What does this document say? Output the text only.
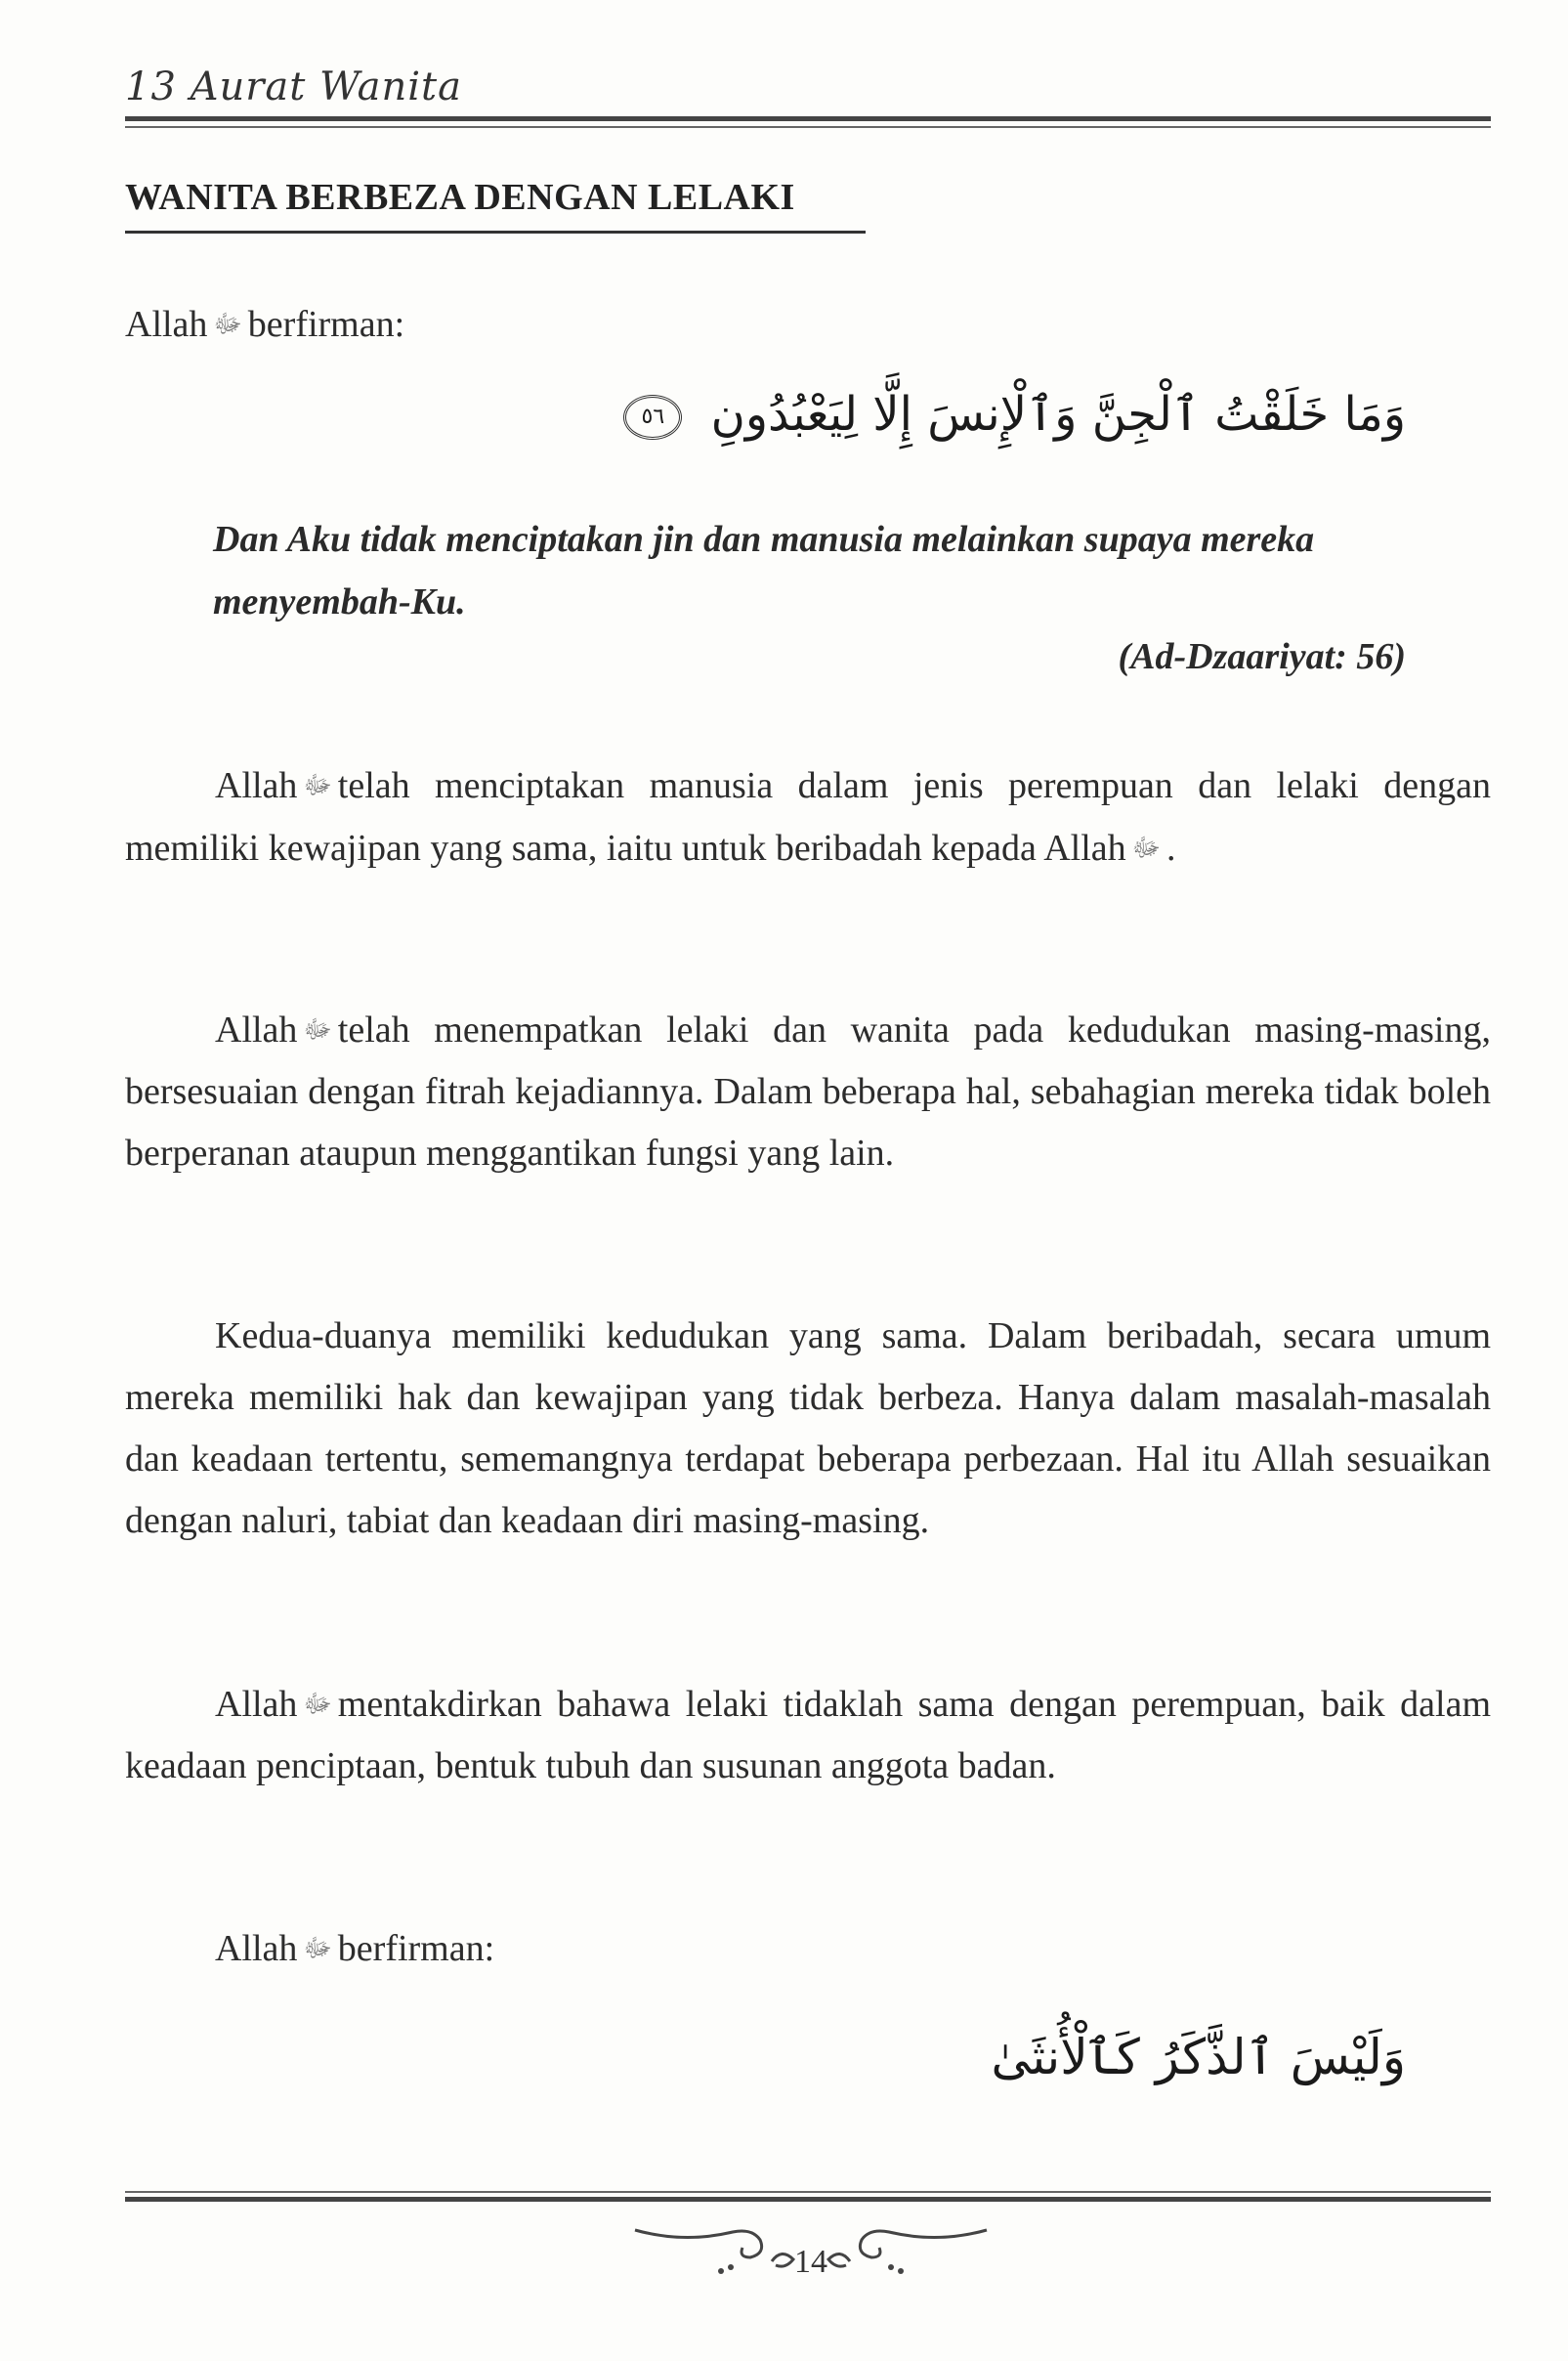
13 Aurat Wanita
WANITA BERBEZA DENGAN LELAKI

Allah ﷻ berfirman:

وَمَا خَلَقْتُ ٱلْجِنَّ وَٱلْإِنسَ إِلَّا لِيَعْبُدُونِ ٥٦

Dan Aku tidak menciptakan jin dan manusia melainkan supaya mereka menyembah-Ku.

(Ad-Dzaariyat: 56)

Allah ﷻ telah menciptakan manusia dalam jenis perempuan dan lelaki dengan memiliki kewajipan yang sama, iaitu untuk beribadah kepada Allah ﷻ .

Allah ﷻ telah menempatkan lelaki dan wanita pada kedudukan masing-masing, bersesuaian dengan fitrah kejadiannya. Dalam beberapa hal, sebahagian mereka tidak boleh berperanan ataupun menggantikan fungsi yang lain.

Kedua-duanya memiliki kedudukan yang sama. Dalam beribadah, secara umum mereka memiliki hak dan kewajipan yang tidak berbeza. Hanya dalam masalah-masalah dan keadaan tertentu, sememangnya terdapat beberapa perbezaan. Hal itu Allah sesuaikan dengan naluri, tabiat dan keadaan diri masing-masing.

Allah ﷻ mentakdirkan bahawa lelaki tidaklah sama dengan perempuan, baik dalam keadaan penciptaan, bentuk tubuh dan susunan anggota badan.

Allah ﷻ berfirman:

وَلَيْسَ ٱلذَّكَرُ كَٱلْأُنثَىٰ
14
